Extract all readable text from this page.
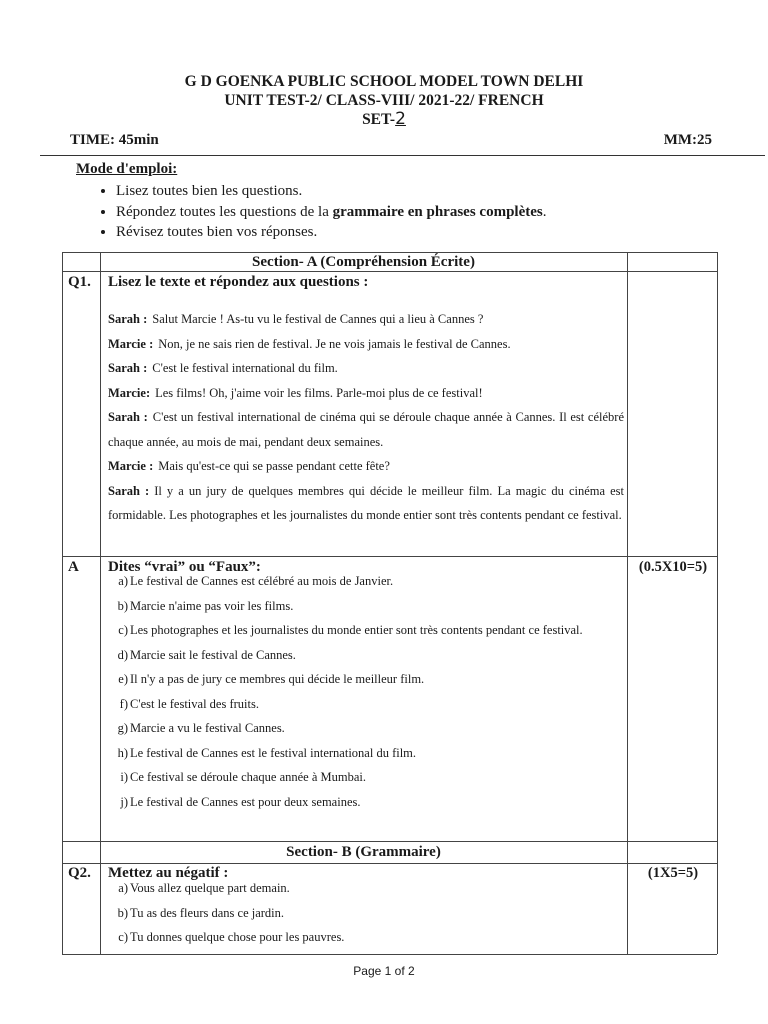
G D GOENKA PUBLIC SCHOOL MODEL TOWN DELHI
UNIT TEST-2/ CLASS-VIII/ 2021-22/ FRENCH
SET-2
TIME: 45min	MM:25
Mode d'emploi:
• Lisez toutes bien les questions.
• Répondez toutes les questions de la grammaire en phrases complètes.
• Révisez toutes bien vos réponses.
Section- A (Compréhension Écrite)
Q1. Lisez le texte et répondez aux questions :

Sarah : Salut Marcie ! As-tu vu le festival de Cannes qui a lieu à Cannes ?

Marcie : Non, je ne sais rien de festival. Je ne vois jamais le festival de Cannes.

Sarah : C'est le festival international du film.

Marcie: Les films! Oh, j'aime voir les films. Parle-moi plus de ce festival!

Sarah : C'est un festival international de cinéma qui se déroule chaque année à Cannes. Il est célébré chaque année, au mois de mai, pendant deux semaines.

Marcie : Mais qu'est-ce qui se passe pendant cette fête?

Sarah : Il y a un jury de quelques membres qui décide le meilleur film. La magic du cinéma est formidable. Les photographes et les journalistes du monde entier sont très contents pendant ce festival.

A Dites “vrai” ou “Faux”:	(0.5X10=5)
a) Le festival de Cannes est célébré au mois de Janvier.
b) Marcie n'aime pas voir les films.
c) Les photographes et les journalistes du monde entier sont très contents pendant ce festival.
d) Marcie sait le festival de Cannes.
e) Il n'y a pas de jury ce membres qui décide le meilleur film.
f) C'est le festival des fruits.
g) Marcie a vu le festival Cannes.
h) Le festival de Cannes est le festival international du film.
i) Ce festival se déroule chaque année à Mumbai.
j) Le festival de Cannes est pour deux semaines.
Section- B (Grammaire)
Q2. Mettez au négatif :	(1X5=5)
a) Vous allez quelque part demain.
b) Tu as des fleurs dans ce jardin.
c) Tu donnes quelque chose pour les pauvres.
Page 1 of 2
